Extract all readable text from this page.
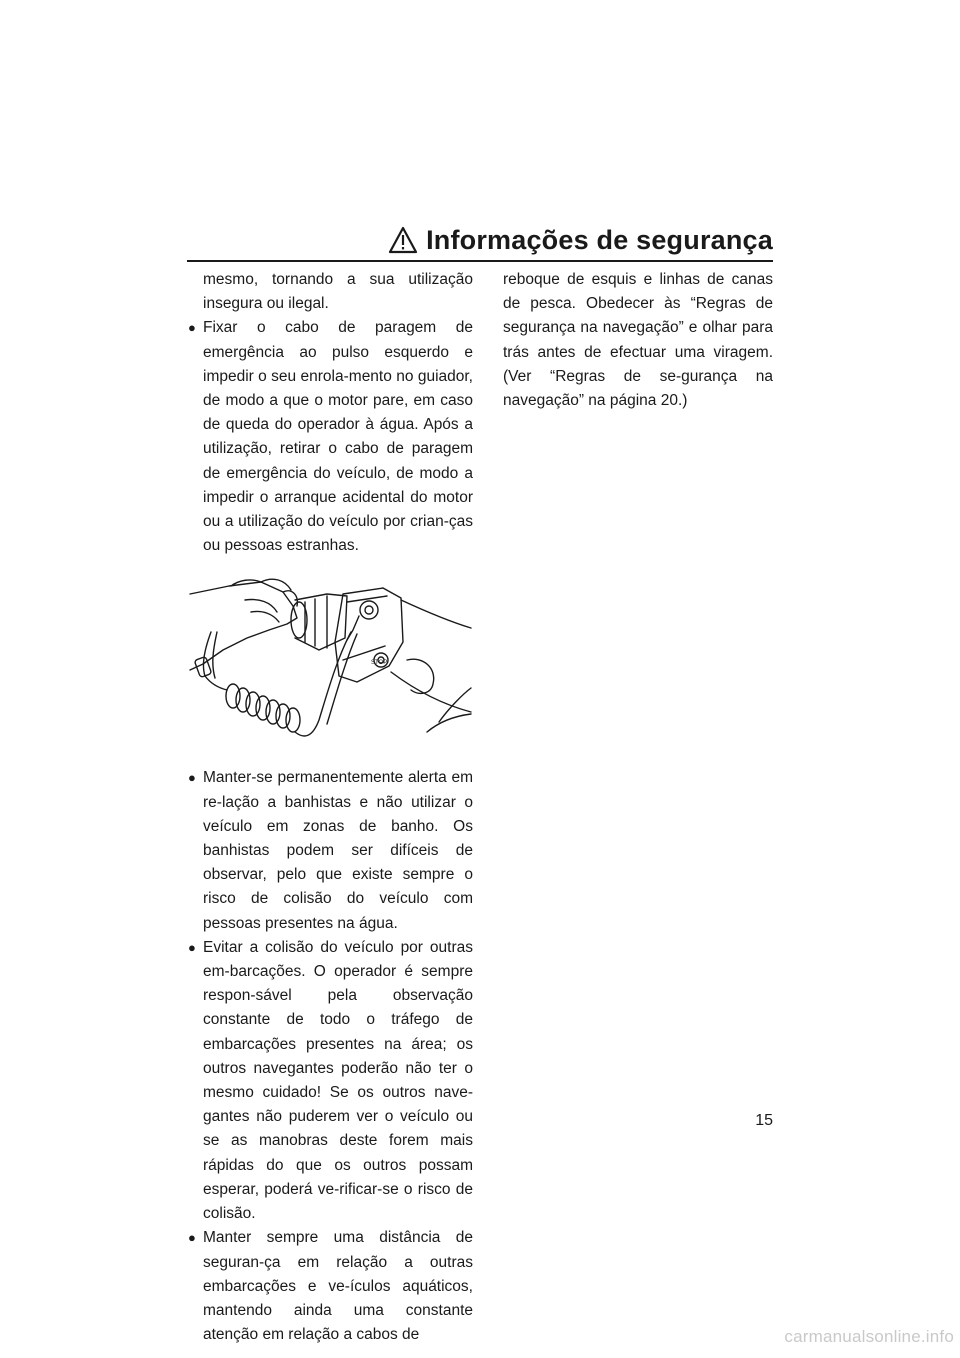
Informações de segurança

mesmo, tornando a sua utilização insegura ou ilegal.

● Fixar o cabo de paragem de emergência ao pulso esquerdo e impedir o seu enrola-mento no guiador, de modo a que o motor pare, em caso de queda do operador à água. Após a utilização, retirar o cabo de paragem de emergência do veículo, de modo a impedir o arranque acidental do motor ou a utilização do veículo por crian-ças ou pessoas estranhas.
STOP
● Manter-se permanentemente alerta em re-lação a banhistas e não utilizar o veículo em zonas de banho. Os banhistas podem ser difíceis de observar, pelo que existe sempre o risco de colisão do veículo com pessoas presentes na água.
● Evitar a colisão do veículo por outras em-barcações. O operador é sempre respon-sável pela observação constante de todo o tráfego de embarcações presentes na área; os outros navegantes poderão não ter o mesmo cuidado! Se os outros nave-gantes não puderem ver o veículo ou se as manobras deste forem mais rápidas do que os outros possam esperar, poderá ve-rificar-se o risco de colisão.
● Manter sempre uma distância de seguran-ça em relação a outras embarcações e ve-ículos aquáticos, mantendo ainda uma constante atenção em relação a cabos de

reboque de esquis e linhas de canas de pesca. Obedecer às “Regras de segurança na navegação” e olhar para trás antes de efectuar uma viragem. (Ver “Regras de se-gurança na navegação” na página 20.)

15
carmanualsonline.info
